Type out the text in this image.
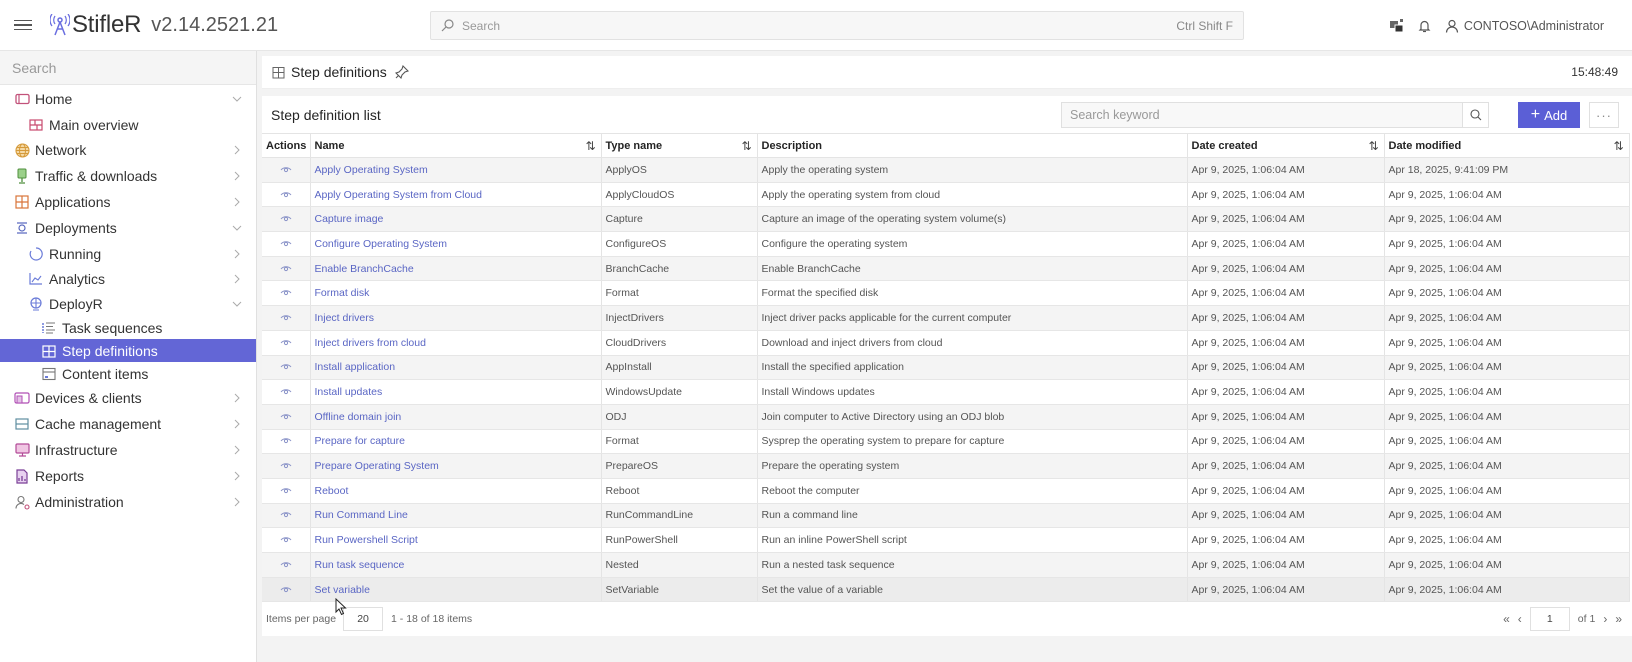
StifleR v2.14.2521.21	Search	Ctrl Shift F	CONTOSO\Administrator
Search
Home
Main overview
Network
Traffic & downloads
Applications
Deployments
Running
Analytics
DeployR
Task sequences
Step definitions
Content items
Devices & clients
Cache management
Infrastructure
Reports
Administration
Step definitions	15:48:49
Step definition list	Search keyword	+ Add	···
Actions	Name ⇅	Type name ⇅	Description	Date created ⇅	Date modified ⇅

	Apply Operating System	ApplyOS	Apply the operating system	Apr 9, 2025, 1:06:04 AM	Apr 18, 2025, 9:41:09 PM
	Apply Operating System from Cloud	ApplyCloudOS	Apply the operating system from cloud	Apr 9, 2025, 1:06:04 AM	Apr 9, 2025, 1:06:04 AM
	Capture image	Capture	Capture an image of the operating system volume(s)	Apr 9, 2025, 1:06:04 AM	Apr 9, 2025, 1:06:04 AM
	Configure Operating System	ConfigureOS	Configure the operating system	Apr 9, 2025, 1:06:04 AM	Apr 9, 2025, 1:06:04 AM
	Enable BranchCache	BranchCache	Enable BranchCache	Apr 9, 2025, 1:06:04 AM	Apr 9, 2025, 1:06:04 AM
	Format disk	Format	Format the specified disk	Apr 9, 2025, 1:06:04 AM	Apr 9, 2025, 1:06:04 AM
	Inject drivers	InjectDrivers	Inject driver packs applicable for the current computer	Apr 9, 2025, 1:06:04 AM	Apr 9, 2025, 1:06:04 AM
	Inject drivers from cloud	CloudDrivers	Download and inject drivers from cloud	Apr 9, 2025, 1:06:04 AM	Apr 9, 2025, 1:06:04 AM
	Install application	AppInstall	Install the specified application	Apr 9, 2025, 1:06:04 AM	Apr 9, 2025, 1:06:04 AM
	Install updates	WindowsUpdate	Install Windows updates	Apr 9, 2025, 1:06:04 AM	Apr 9, 2025, 1:06:04 AM
	Offline domain join	ODJ	Join computer to Active Directory using an ODJ blob	Apr 9, 2025, 1:06:04 AM	Apr 9, 2025, 1:06:04 AM
	Prepare for capture	Format	Sysprep the operating system to prepare for capture	Apr 9, 2025, 1:06:04 AM	Apr 9, 2025, 1:06:04 AM
	Prepare Operating System	PrepareOS	Prepare the operating system	Apr 9, 2025, 1:06:04 AM	Apr 9, 2025, 1:06:04 AM
	Reboot	Reboot	Reboot the computer	Apr 9, 2025, 1:06:04 AM	Apr 9, 2025, 1:06:04 AM
	Run Command Line	RunCommandLine	Run a command line	Apr 9, 2025, 1:06:04 AM	Apr 9, 2025, 1:06:04 AM
	Run Powershell Script	RunPowerShell	Run an inline PowerShell script	Apr 9, 2025, 1:06:04 AM	Apr 9, 2025, 1:06:04 AM
	Run task sequence	Nested	Run a nested task sequence	Apr 9, 2025, 1:06:04 AM	Apr 9, 2025, 1:06:04 AM
	Set variable	SetVariable	Set the value of a variable	Apr 9, 2025, 1:06:04 AM	Apr 9, 2025, 1:06:04 AM
Items per page	20	1 - 18 of 18 items	« ‹	1	of 1 › »
